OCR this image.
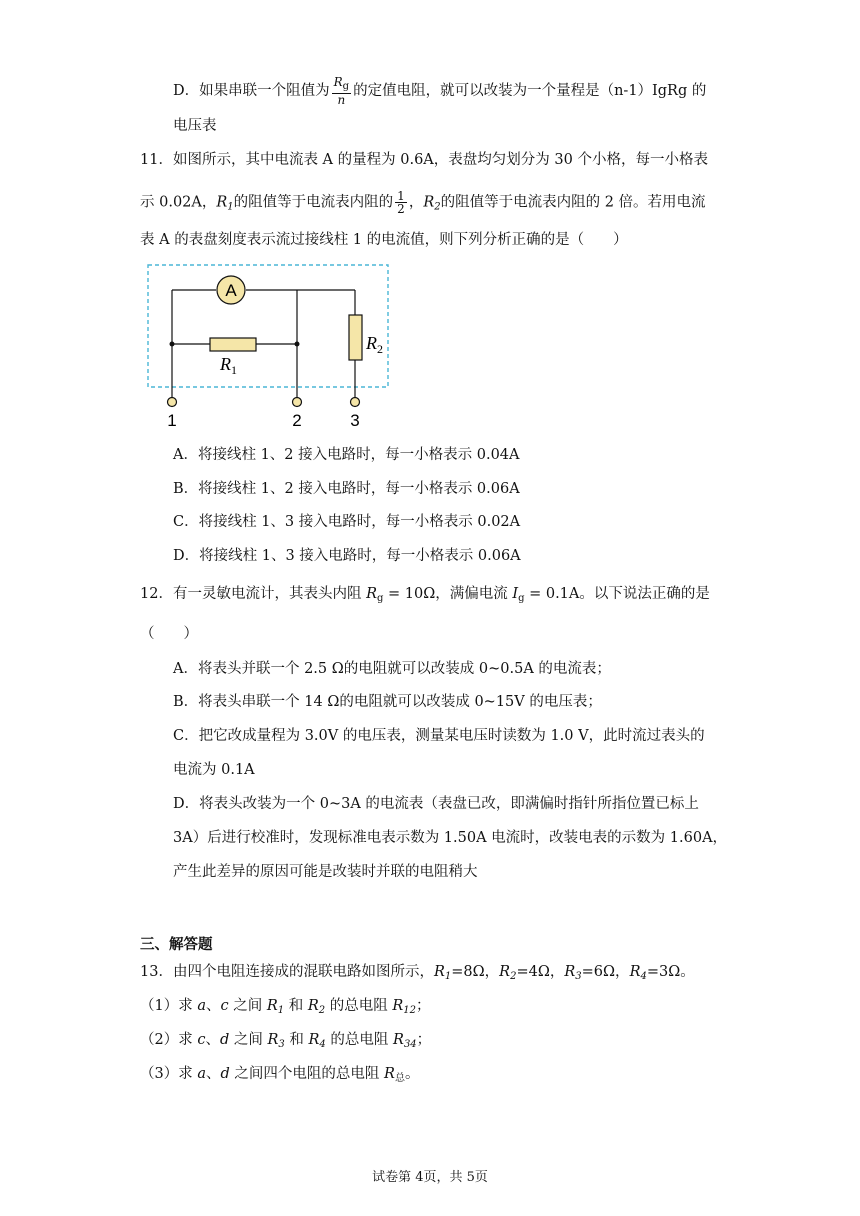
D．如果串联一个阻值为 $\frac{R_g}{n}$ 的定值电阻，就可以改装为一个量程是（n-1）IgRg 的
电压表
11．如图所示，其中电流表 A 的量程为 0.6A，表盘均匀划分为 30 个小格，每一小格表
示 0.02A，$R_1$的阻值等于电流表内阻的 $\frac{1}{2}$ ，$R_2$的阻值等于电流表内阻的 2 倍。若用电流
表 A 的表盘刻度表示流过接线柱 1 的电流值，则下列分析正确的是（　　）
A
$R_1$
$R_2$
1	2	3
A．将接线柱 1、2 接入电路时，每一小格表示 0.04A
B．将接线柱 1、2 接入电路时，每一小格表示 0.06A
C．将接线柱 1、3 接入电路时，每一小格表示 0.02A
D．将接线柱 1、3 接入电路时，每一小格表示 0.06A
12．有一灵敏电流计，其表头内阻 $R_g = 10\Omega$，满偏电流 $I_g = 0.1A$。以下说法正确的是
（　　）
A．将表头并联一个 2.5 Ω的电阻就可以改装成 0~0.5A 的电流表；
B．将表头串联一个 14 Ω的电阻就可以改装成 0~15V 的电压表；
C．把它改成量程为 3.0V 的电压表，测量某电压时读数为 1.0 V，此时流过表头的
电流为 0.1A
D．将表头改装为一个 0~3A 的电流表（表盘已改，即满偏时指针所指位置已标上
3A）后进行校准时，发现标准电表示数为 1.50A 电流时，改装电表的示数为 1.60A，
产生此差异的原因可能是改装时并联的电阻稍大
三、解答题
13．由四个电阻连接成的混联电路如图所示，$R_1=8\Omega$，$R_2=4\Omega$，$R_3=6\Omega$，$R_4=3\Omega$。
（1）求 a、c 之间 $R_1$ 和 $R_2$ 的总电阻 $R_{12}$；
（2）求 c、d 之间 $R_3$ 和 $R_4$ 的总电阻 $R_{34}$；
（3）求 a、d 之间四个电阻的总电阻 $R_总$。
试卷第 4页，共 5页
